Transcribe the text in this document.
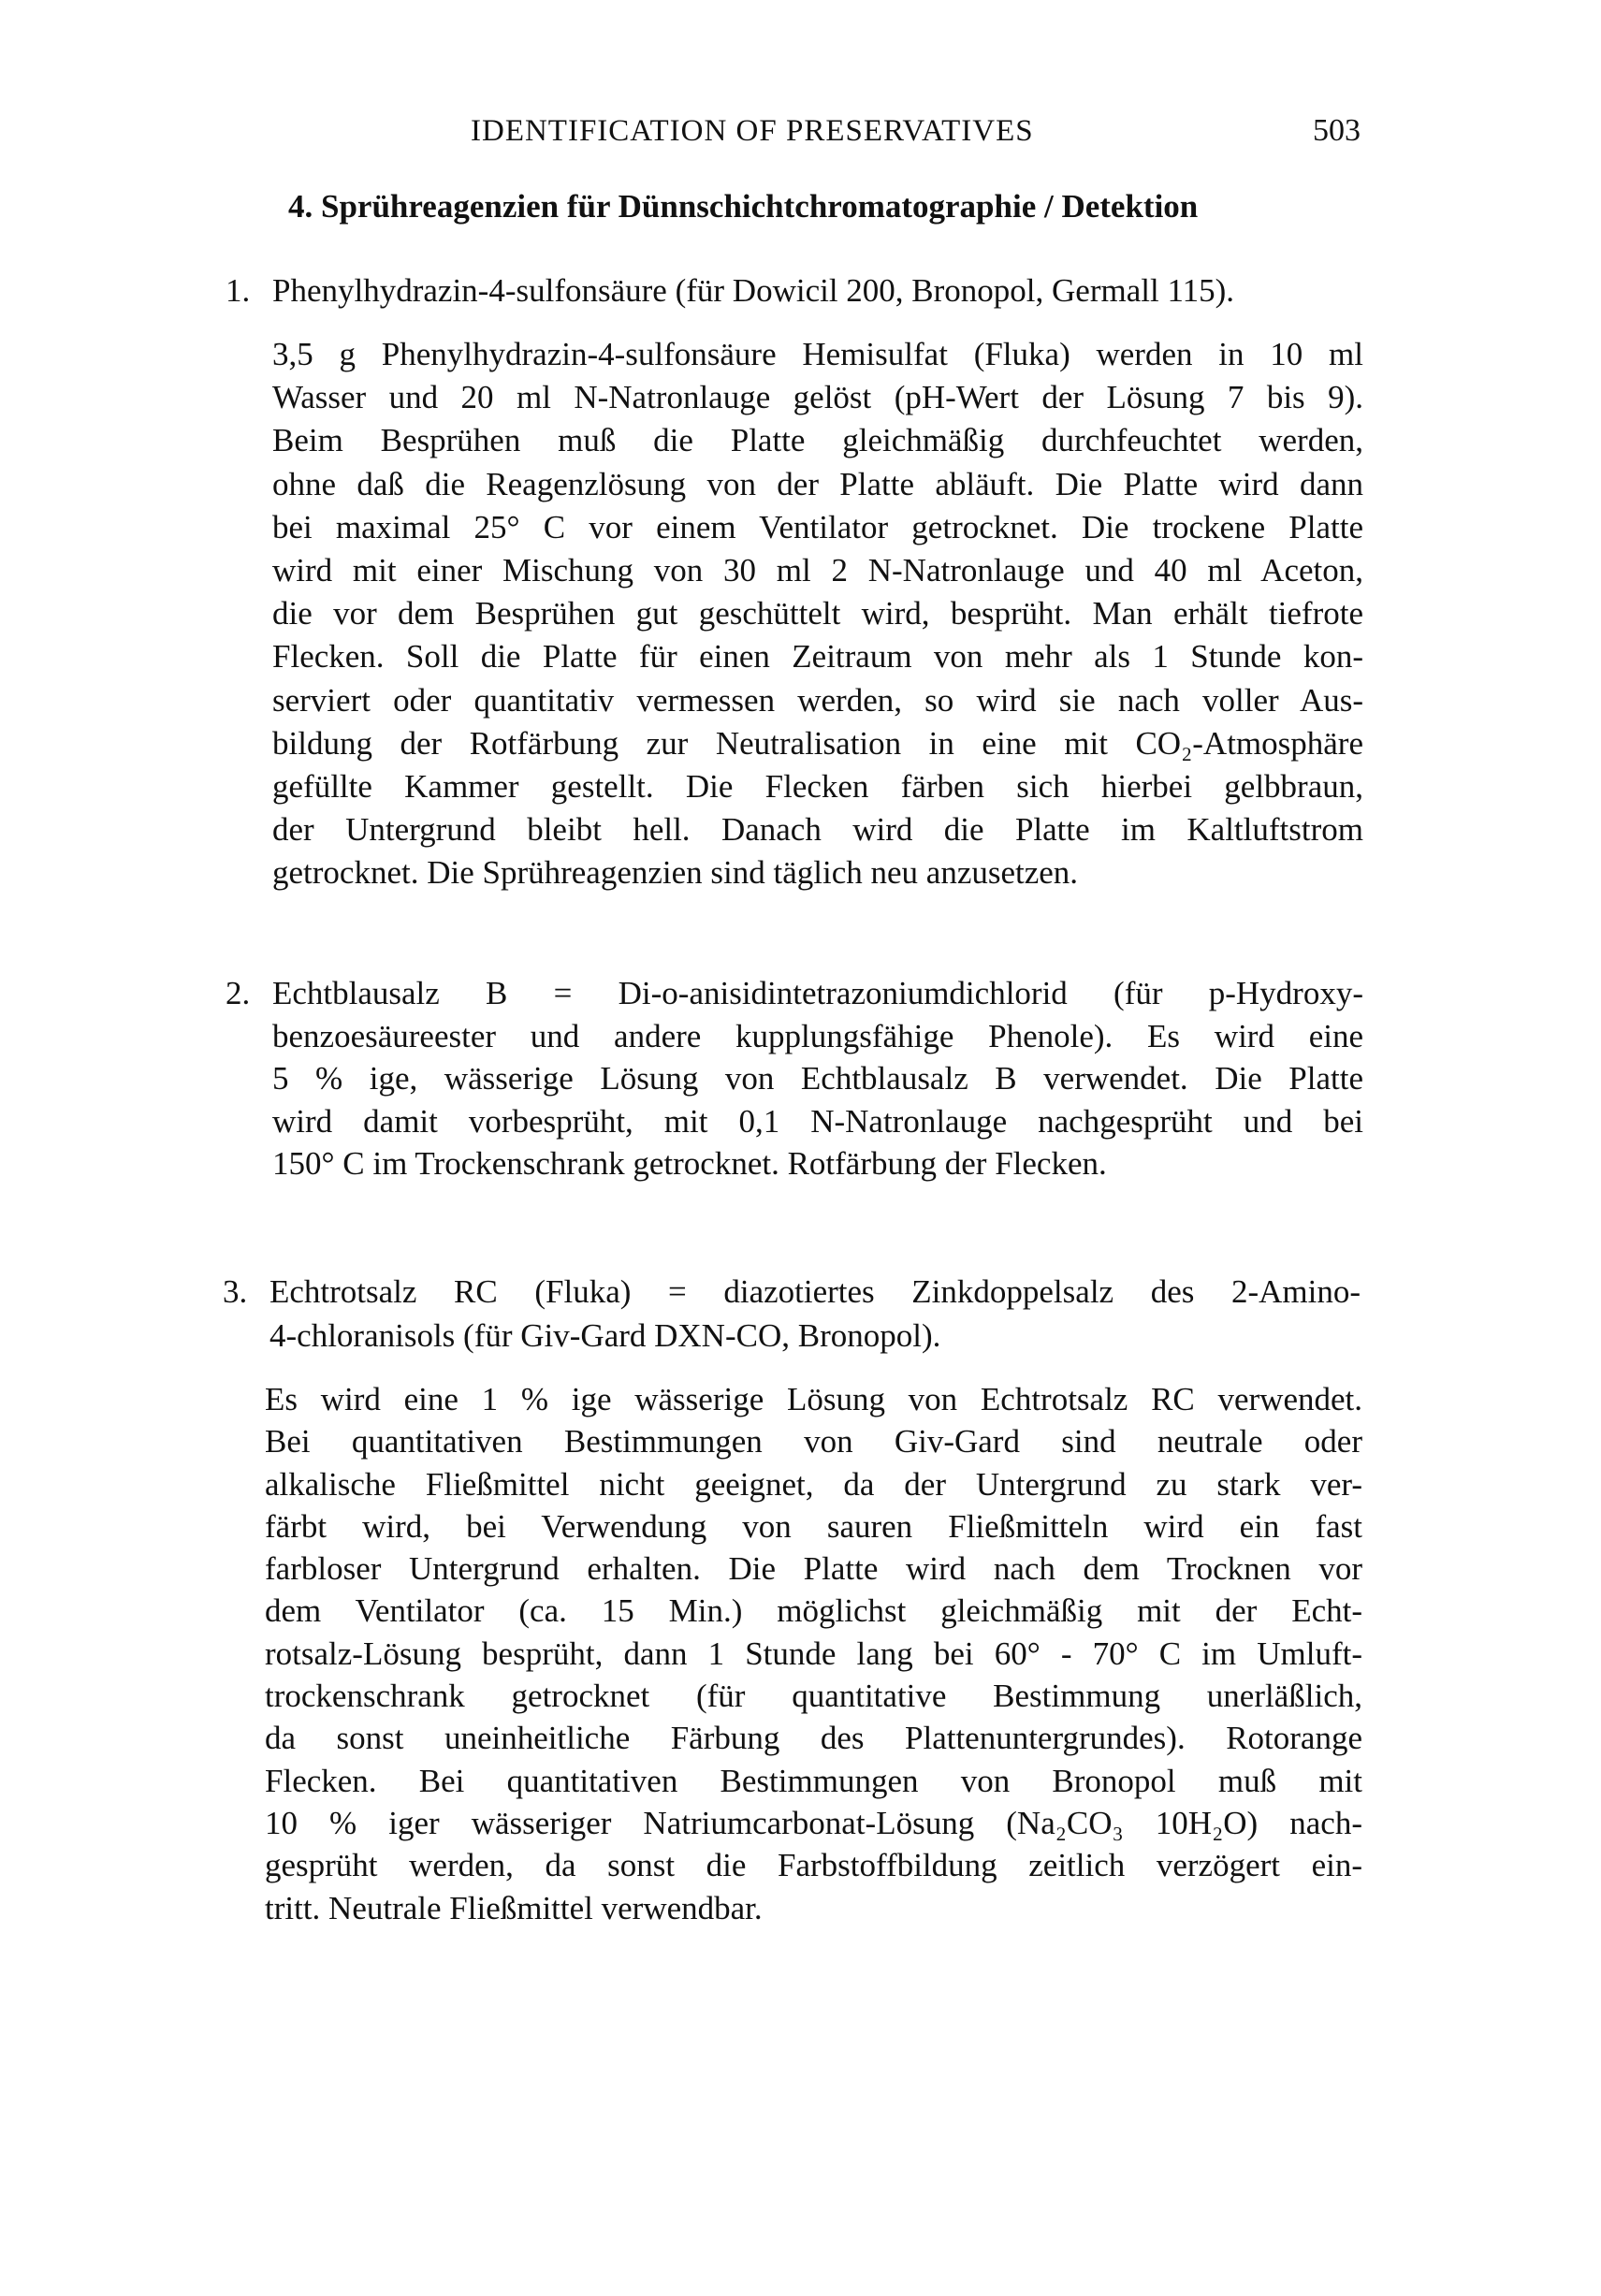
IDENTIFICATION OF PRESERVATIVES	503
4. Sprühreagenzien für Dünnschichtchromatographie / Detektion
1. Phenylhydrazin-4-sulfonsäure (für Dowicil 200, Bronopol, Germall 115).
3,5 g Phenylhydrazin-4-sulfonsäure Hemisulfat (Fluka) werden in 10 ml
Wasser und 20 ml N-Natronlauge gelöst (pH-Wert der Lösung 7 bis 9).
Beim Besprühen muß die Platte gleichmäßig durchfeuchtet werden,
ohne daß die Reagenzlösung von der Platte abläuft. Die Platte wird dann
bei maximal 25° C vor einem Ventilator getrocknet. Die trockene Platte
wird mit einer Mischung von 30 ml 2 N-Natronlauge und 40 ml Aceton,
die vor dem Besprühen gut geschüttelt wird, besprüht. Man erhält tiefrote
Flecken. Soll die Platte für einen Zeitraum von mehr als 1 Stunde kon-
serviert oder quantitativ vermessen werden, so wird sie nach voller Aus-
bildung der Rotfärbung zur Neutralisation in eine mit CO₂-Atmosphäre
gefüllte Kammer gestellt. Die Flecken färben sich hierbei gelbbraun,
der Untergrund bleibt hell. Danach wird die Platte im Kaltluftstrom
getrocknet. Die Sprühreagenzien sind täglich neu anzusetzen.
2. Echtblausalz B = Di-o-anisidintetrazoniumdichlorid (für p-Hydroxy-
benzoesäureester und andere kupplungsfähige Phenole). Es wird eine
5 % ige, wässerige Lösung von Echtblausalz B verwendet. Die Platte
wird damit vorbesprüht, mit 0,1 N-Natronlauge nachgesprüht und bei
150° C im Trockenschrank getrocknet. Rotfärbung der Flecken.
3. Echtrotsalz RC (Fluka) = diazotiertes Zinkdoppelsalz des 2-Amino-
4-chloranisols (für Giv-Gard DXN-CO, Bronopol).
Es wird eine 1 % ige wässerige Lösung von Echtrotsalz RC verwendet.
Bei quantitativen Bestimmungen von Giv-Gard sind neutrale oder
alkalische Fließmittel nicht geeignet, da der Untergrund zu stark ver-
färbt wird, bei Verwendung von sauren Fließmitteln wird ein fast
farbloser Untergrund erhalten. Die Platte wird nach dem Trocknen vor
dem Ventilator (ca. 15 Min.) möglichst gleichmäßig mit der Echt-
rotsalz-Lösung besprüht, dann 1 Stunde lang bei 60° - 70° C im Umluft-
trockenschrank getrocknet (für quantitative Bestimmung unerläßlich,
da sonst uneinheitliche Färbung des Plattenuntergrundes). Rotorange
Flecken. Bei quantitativen Bestimmungen von Bronopol muß mit
10 % iger wässeriger Natriumcarbonat-Lösung (Na₂CO₃ 10H₂O) nach-
gesprüht werden, da sonst die Farbstoffbildung zeitlich verzögert ein-
tritt. Neutrale Fließmittel verwendbar.
